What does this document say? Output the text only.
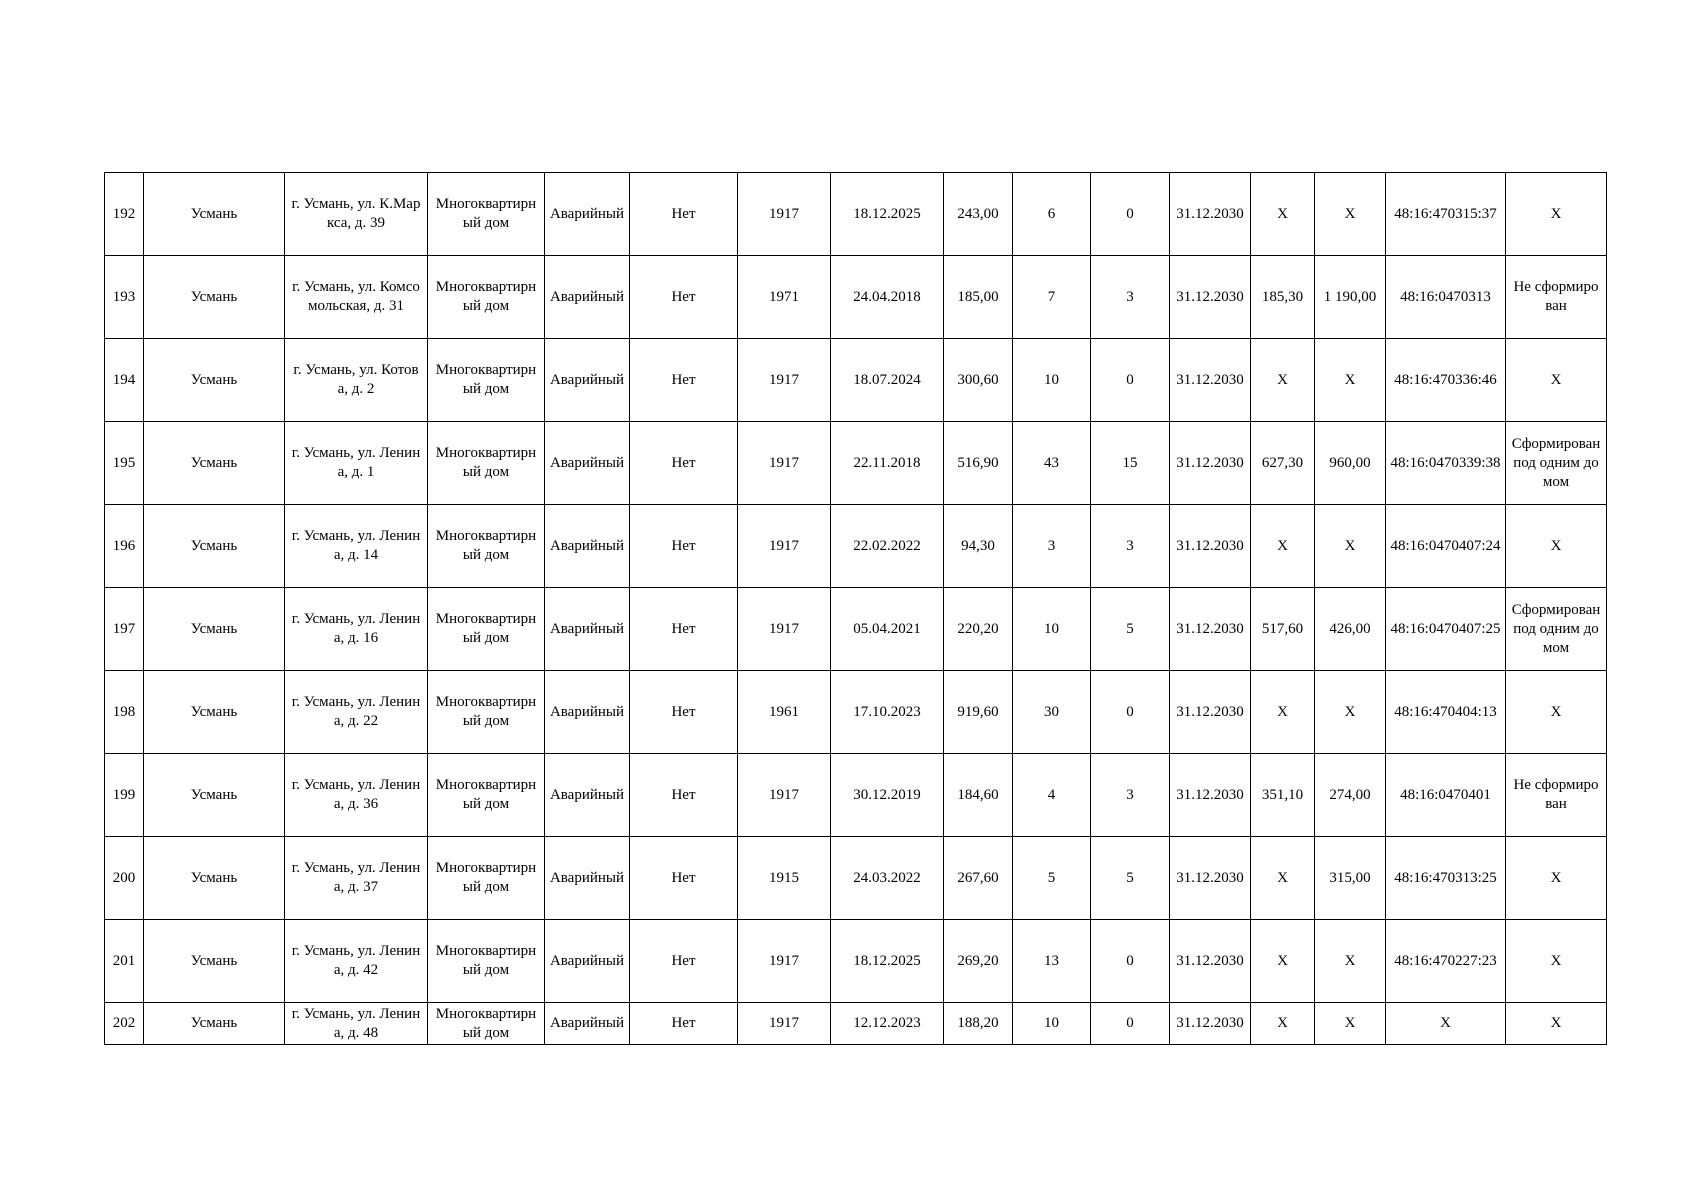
192	Усмань	г. Усмань, ул. К.Маркса, д. 39	Многоквартирный дом	Аварийный	Нет	1917	18.12.2025	243,00	6	0	31.12.2030	X	X	48:16:470315:37	X
193	Усмань	г. Усмань, ул. Комсомольская, д. 31	Многоквартирный дом	Аварийный	Нет	1971	24.04.2018	185,00	7	3	31.12.2030	185,30	1 190,00	48:16:0470313	Не сформирован
194	Усмань	г. Усмань, ул. Котова, д. 2	Многоквартирный дом	Аварийный	Нет	1917	18.07.2024	300,60	10	0	31.12.2030	X	X	48:16:470336:46	X
195	Усмань	г. Усмань, ул. Ленина, д. 1	Многоквартирный дом	Аварийный	Нет	1917	22.11.2018	516,90	43	15	31.12.2030	627,30	960,00	48:16:0470339:38	Сформирован под одним домом
196	Усмань	г. Усмань, ул. Ленина, д. 14	Многоквартирный дом	Аварийный	Нет	1917	22.02.2022	94,30	3	3	31.12.2030	X	X	48:16:0470407:24	X
197	Усмань	г. Усмань, ул. Ленина, д. 16	Многоквартирный дом	Аварийный	Нет	1917	05.04.2021	220,20	10	5	31.12.2030	517,60	426,00	48:16:0470407:25	Сформирован под одним домом
198	Усмань	г. Усмань, ул. Ленина, д. 22	Многоквартирный дом	Аварийный	Нет	1961	17.10.2023	919,60	30	0	31.12.2030	X	X	48:16:470404:13	X
199	Усмань	г. Усмань, ул. Ленина, д. 36	Многоквартирный дом	Аварийный	Нет	1917	30.12.2019	184,60	4	3	31.12.2030	351,10	274,00	48:16:0470401	Не сформирован
200	Усмань	г. Усмань, ул. Ленина, д. 37	Многоквартирный дом	Аварийный	Нет	1915	24.03.2022	267,60	5	5	31.12.2030	X	315,00	48:16:470313:25	X
201	Усмань	г. Усмань, ул. Ленина, д. 42	Многоквартирный дом	Аварийный	Нет	1917	18.12.2025	269,20	13	0	31.12.2030	X	X	48:16:470227:23	X
202	Усмань	г. Усмань, ул. Ленина, д. 48	Многоквартирный дом	Аварийный	Нет	1917	12.12.2023	188,20	10	0	31.12.2030	X	X	X	X
